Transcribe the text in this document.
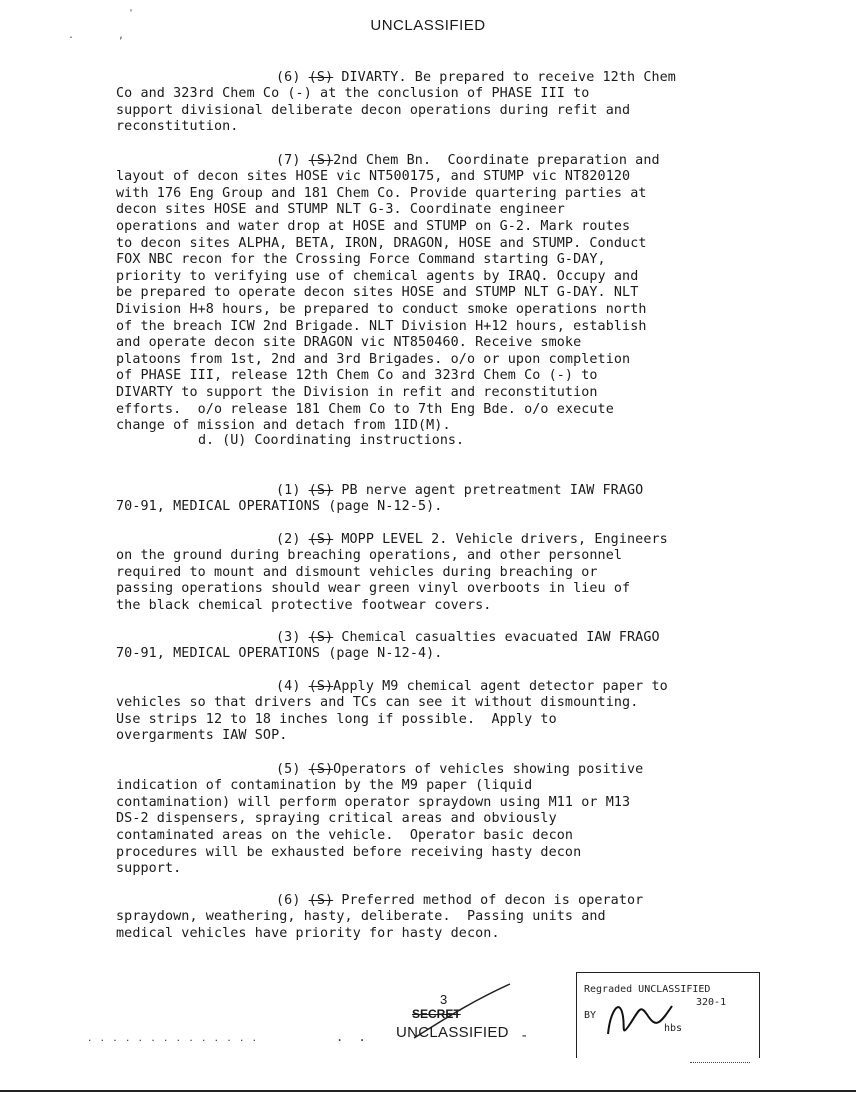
UNCLASSIFIED
'
,
.

(6) (S) DIVARTY. Be prepared to receive 12th Chem
Co and 323rd Chem Co (-) at the conclusion of PHASE III to
support divisional deliberate decon operations during refit and
reconstitution.

(7) (S)2nd Chem Bn.  Coordinate preparation and
layout of decon sites HOSE vic NT500175, and STUMP vic NT820120
with 176 Eng Group and 181 Chem Co. Provide quartering parties at
decon sites HOSE and STUMP NLT G-3. Coordinate engineer
operations and water drop at HOSE and STUMP on G-2. Mark routes
to decon sites ALPHA, BETA, IRON, DRAGON, HOSE and STUMP. Conduct
FOX NBC recon for the Crossing Force Command starting G-DAY,
priority to verifying use of chemical agents by IRAQ. Occupy and
be prepared to operate decon sites HOSE and STUMP NLT G-DAY. NLT
Division H+8 hours, be prepared to conduct smoke operations north
of the breach ICW 2nd Brigade. NLT Division H+12 hours, establish
and operate decon site DRAGON vic NT850460. Receive smoke
platoons from 1st, 2nd and 3rd Brigades. o/o or upon completion
of PHASE III, release 12th Chem Co and 323rd Chem Co (-) to
DIVARTY to support the Division in refit and reconstitution
efforts.  o/o release 181 Chem Co to 7th Eng Bde. o/o execute
change of mission and detach from 1ID(M).
d. (U) Coordinating instructions.

(1) (S) PB nerve agent pretreatment IAW FRAGO
70-91, MEDICAL OPERATIONS (page N-12-5).

(2) (S) MOPP LEVEL 2. Vehicle drivers, Engineers
on the ground during breaching operations, and other personnel
required to mount and dismount vehicles during breaching or
passing operations should wear green vinyl overboots in lieu of
the black chemical protective footwear covers.

(3) (S) Chemical casualties evacuated IAW FRAGO
70-91, MEDICAL OPERATIONS (page N-12-4).

(4) (S)Apply M9 chemical agent detector paper to
vehicles so that drivers and TCs can see it without dismounting.
Use strips 12 to 18 inches long if possible.  Apply to
overgarments IAW SOP.

(5) (S)Operators of vehicles showing positive
indication of contamination by the M9 paper (liquid
contamination) will perform operator spraydown using M11 or M13
DS-2 dispensers, spraying critical areas and obviously
contaminated areas on the vehicle.  Operator basic decon
procedures will be exhausted before receiving hasty decon
support.

(6) (S) Preferred method of decon is operator
spraydown, weathering, hasty, deliberate.  Passing units and
medical vehicles have priority for hasty decon.
3
SECRET
UNCLASSIFIED -
. . . . . . . . . . . . . .	. .
Regraded UNCLASSIFIED
320-1
BY
hbs
